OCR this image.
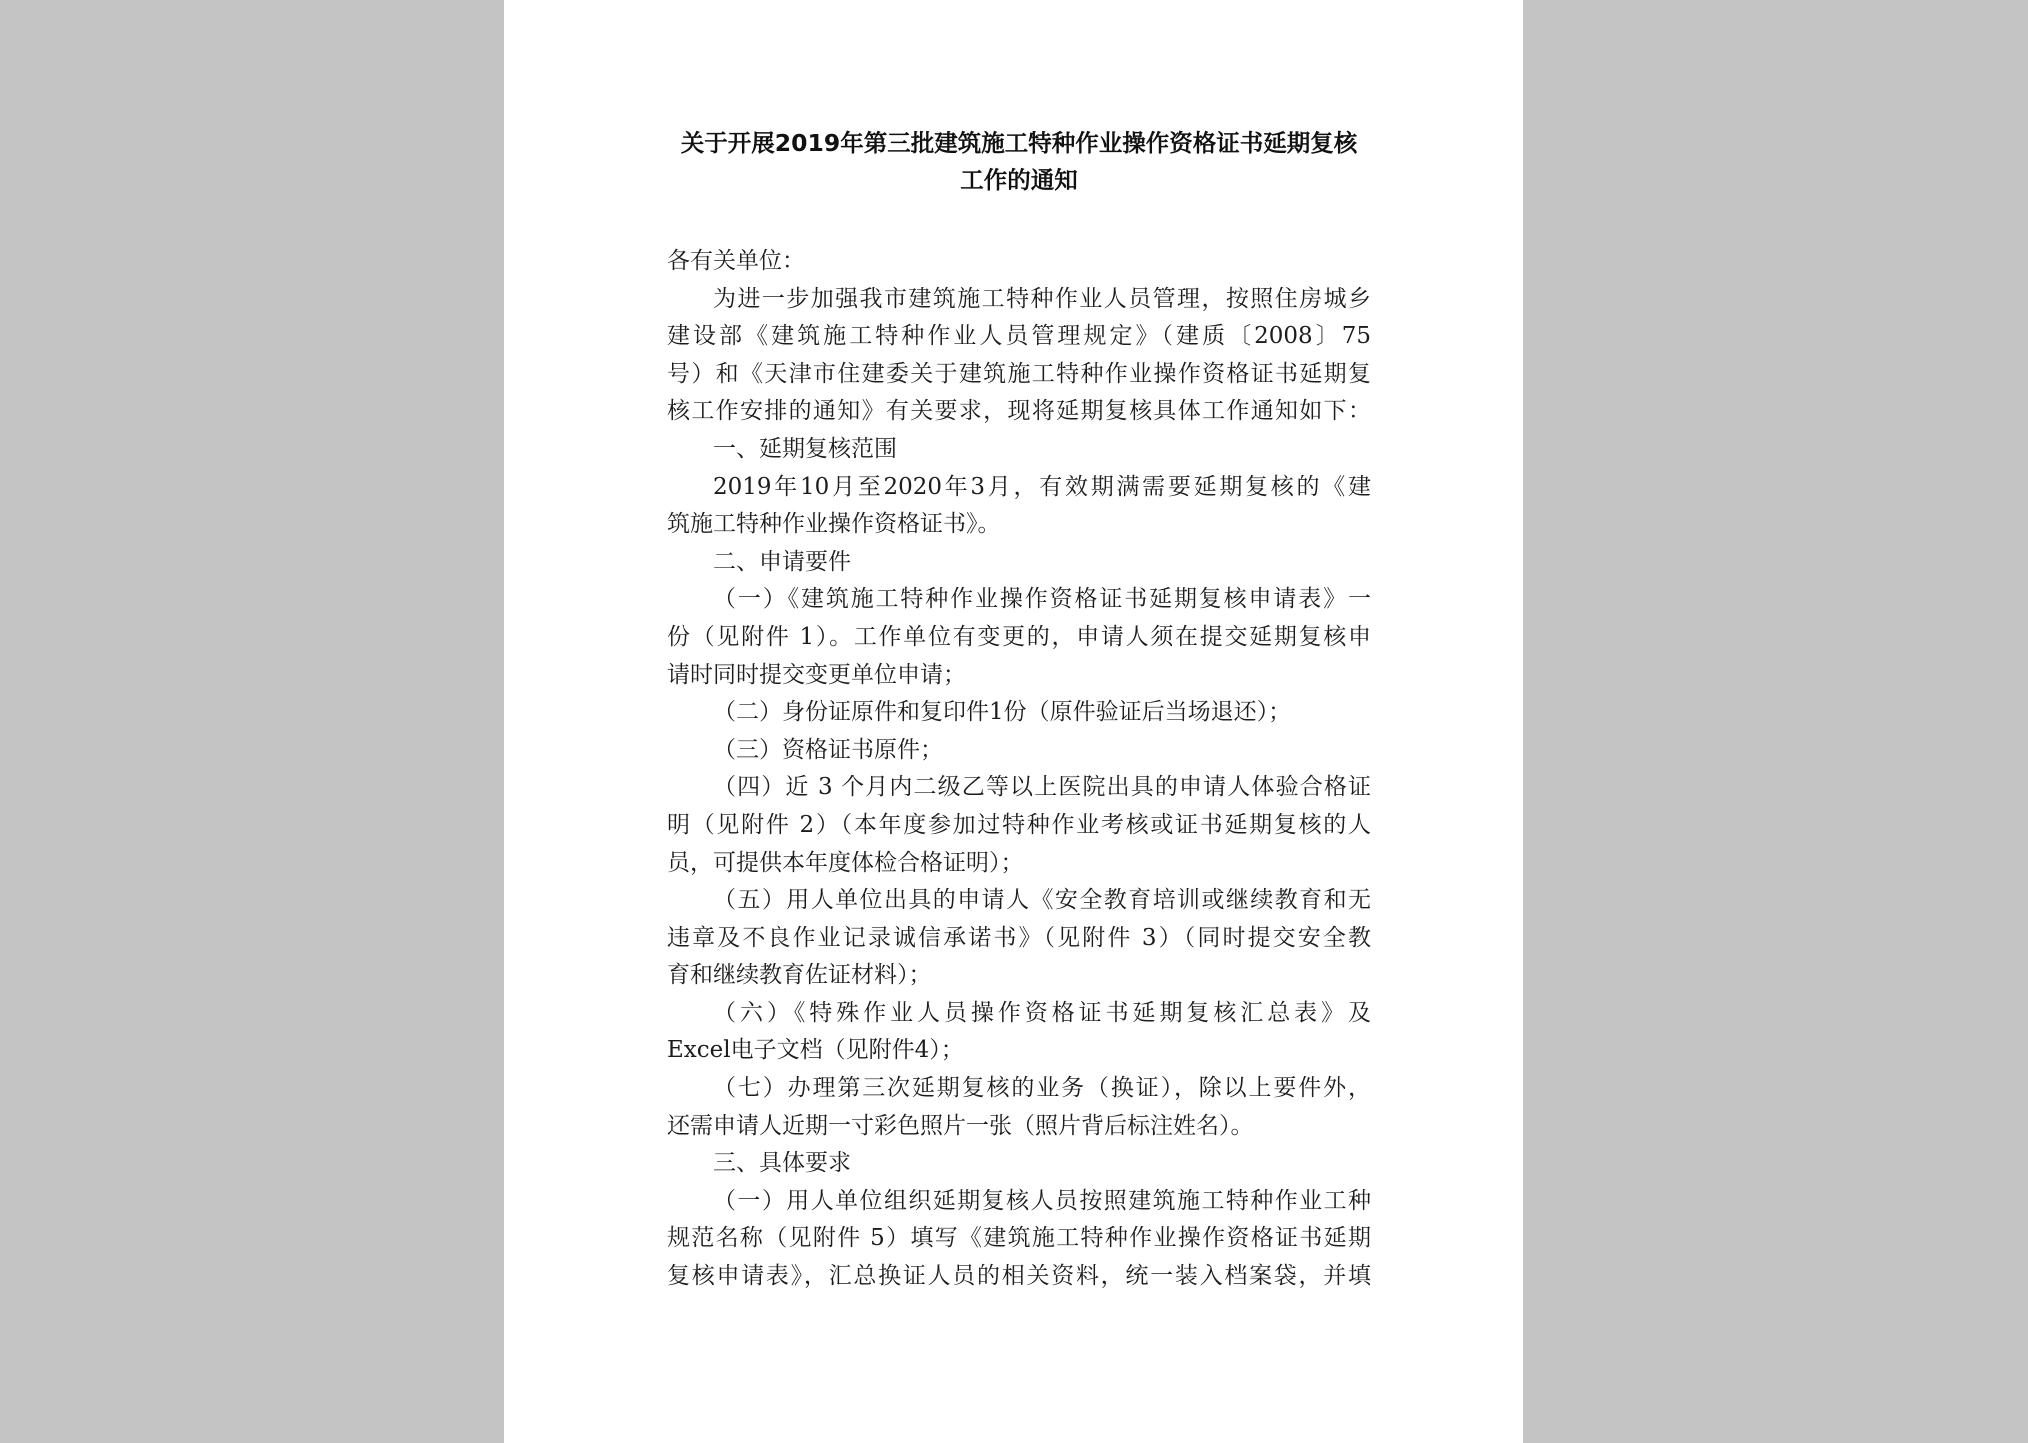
关于开展2019年第三批建筑施工特种作业操作资格证书延期复核
工作的通知
各有关单位：
为进一步加强我市建筑施工特种作业人员管理，按照住房城乡
建设部《建筑施工特种作业人员管理规定》（建质〔2008〕75
号）和《天津市住建委关于建筑施工特种作业操作资格证书延期复
核工作安排的通知》有关要求，现将延期复核具体工作通知如下：
一、延期复核范围
2019年10月至2020年3月，有效期满需要延期复核的《建
筑施工特种作业操作资格证书》。
二、申请要件
（一）《建筑施工特种作业操作资格证书延期复核申请表》一
份（见附件 1）。工作单位有变更的，申请人须在提交延期复核申
请时同时提交变更单位申请；
（二）身份证原件和复印件1份（原件验证后当场退还）；
（三）资格证书原件；
（四）近 3 个月内二级乙等以上医院出具的申请人体验合格证
明（见附件 2）（本年度参加过特种作业考核或证书延期复核的人
员，可提供本年度体检合格证明）；
（五）用人单位出具的申请人《安全教育培训或继续教育和无
违章及不良作业记录诚信承诺书》（见附件 3）（同时提交安全教
育和继续教育佐证材料）；
（六）《特殊作业人员操作资格证书延期复核汇总表》及
Excel电子文档（见附件4）；
（七）办理第三次延期复核的业务（换证），除以上要件外，
还需申请人近期一寸彩色照片一张（照片背后标注姓名）。
三、具体要求
（一）用人单位组织延期复核人员按照建筑施工特种作业工种
规范名称（见附件 5）填写《建筑施工特种作业操作资格证书延期
复核申请表》，汇总换证人员的相关资料，统一装入档案袋，并填
